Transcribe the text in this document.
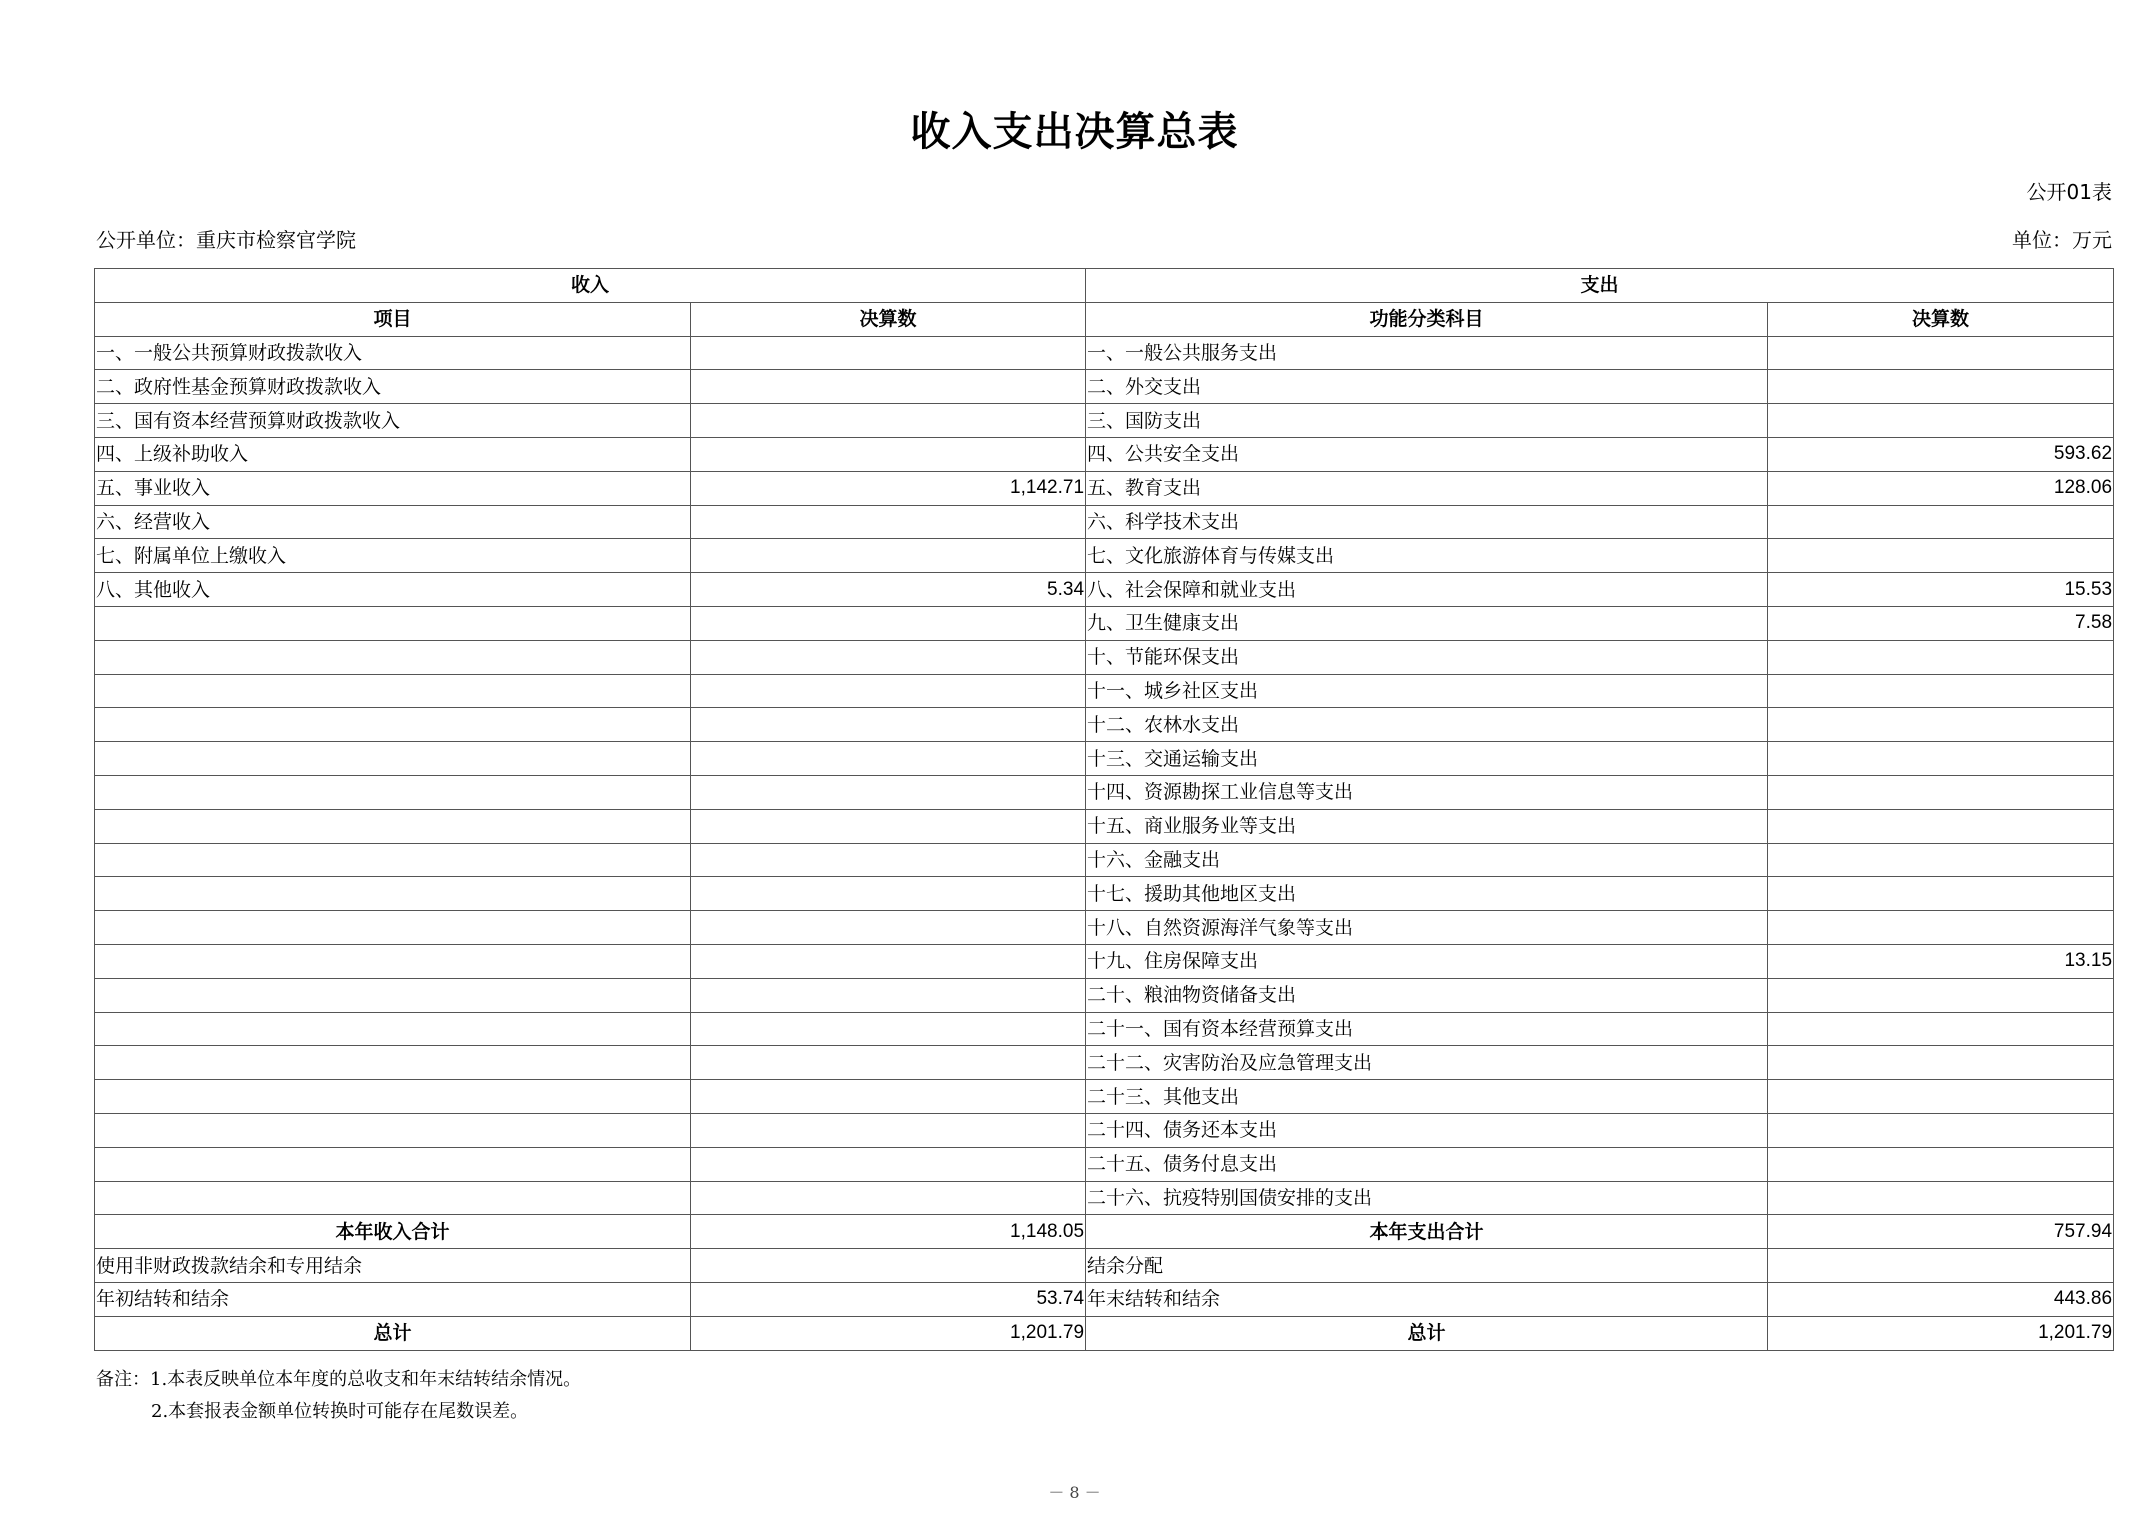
收入支出决算总表
公开01表
公开单位：重庆市检察官学院	单位：万元
收入		支出	
项目	决算数	功能分类科目	决算数
一、一般公共预算财政拨款收入		一、一般公共服务支出	
二、政府性基金预算财政拨款收入		二、外交支出	
三、国有资本经营预算财政拨款收入		三、国防支出	
四、上级补助收入		四、公共安全支出	593.62
五、事业收入	1,142.71	五、教育支出	128.06
六、经营收入		六、科学技术支出	
七、附属单位上缴收入		七、文化旅游体育与传媒支出	
八、其他收入	5.34	八、社会保障和就业支出	15.53
		九、卫生健康支出	7.58
		十、节能环保支出	
		十一、城乡社区支出	
		十二、农林水支出	
		十三、交通运输支出	
		十四、资源勘探工业信息等支出	
		十五、商业服务业等支出	
		十六、金融支出	
		十七、援助其他地区支出	
		十八、自然资源海洋气象等支出	
		十九、住房保障支出	13.15
		二十、粮油物资储备支出	
		二十一、国有资本经营预算支出	
		二十二、灾害防治及应急管理支出	
		二十三、其他支出	
		二十四、债务还本支出	
		二十五、债务付息支出	
		二十六、抗疫特别国债安排的支出	
本年收入合计	1,148.05	本年支出合计	757.94
使用非财政拨款结余和专用结余		结余分配	
年初结转和结余	53.74	年末结转和结余	443.86
总计	1,201.79	总计	1,201.79
备注：1.本表反映单位本年度的总收支和年末结转结余情况。
2.本套报表金额单位转换时可能存在尾数误差。
－ 8 －
